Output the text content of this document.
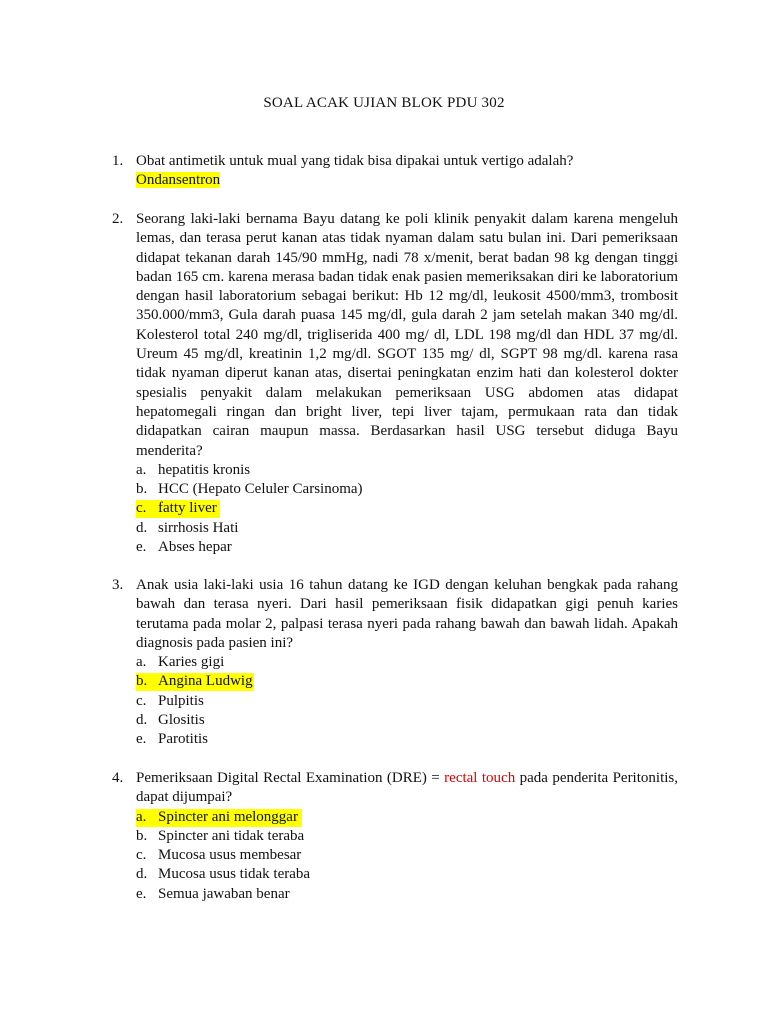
SOAL ACAK UJIAN BLOK PDU 302
1. Obat antimetik untuk mual yang tidak bisa dipakai untuk vertigo adalah?
Ondansentron
2. Seorang laki-laki bernama Bayu datang ke poli klinik penyakit dalam karena mengeluh lemas, dan terasa perut kanan atas tidak nyaman dalam satu bulan ini. Dari pemeriksaan didapat tekanan darah 145/90 mmHg, nadi 78 x/menit, berat badan 98 kg dengan tinggi badan 165 cm. karena merasa badan tidak enak pasien memeriksakan diri ke laboratorium dengan hasil laboratorium sebagai berikut: Hb 12 mg/dl, leukosit 4500/mm3, trombosit 350.000/mm3, Gula darah puasa 145 mg/dl, gula darah 2 jam setelah makan 340 mg/dl. Kolesterol total 240 mg/dl, trigliserida 400 mg/ dl, LDL 198 mg/dl dan HDL 37 mg/dl. Ureum 45 mg/dl, kreatinin 1,2 mg/dl. SGOT 135 mg/ dl, SGPT 98 mg/dl. karena rasa tidak nyaman diperut kanan atas, disertai peningkatan enzim hati dan kolesterol dokter spesialis penyakit dalam melakukan pemeriksaan USG abdomen atas didapat hepatomegali ringan dan bright liver, tepi liver tajam, permukaan rata dan tidak didapatkan cairan maupun massa. Berdasarkan hasil USG tersebut diduga Bayu menderita?
a. hepatitis kronis
b. HCC (Hepato Celuler Carsinoma)
c. fatty liver
d. sirrhosis Hati
e. Abses hepar
3. Anak usia laki-laki usia 16 tahun datang ke IGD dengan keluhan bengkak pada rahang bawah dan terasa nyeri. Dari hasil pemeriksaan fisik didapatkan gigi penuh karies terutama pada molar 2, palpasi terasa nyeri pada rahang bawah dan bawah lidah. Apakah diagnosis pada pasien ini?
a. Karies gigi
b. Angina Ludwig
c. Pulpitis
d. Glositis
e. Parotitis
4. Pemeriksaan Digital Rectal Examination (DRE) = rectal touch pada penderita Peritonitis, dapat dijumpai?
a. Spincter ani melonggar
b. Spincter ani tidak teraba
c. Mucosa usus membesar
d. Mucosa usus tidak teraba
e. Semua jawaban benar
